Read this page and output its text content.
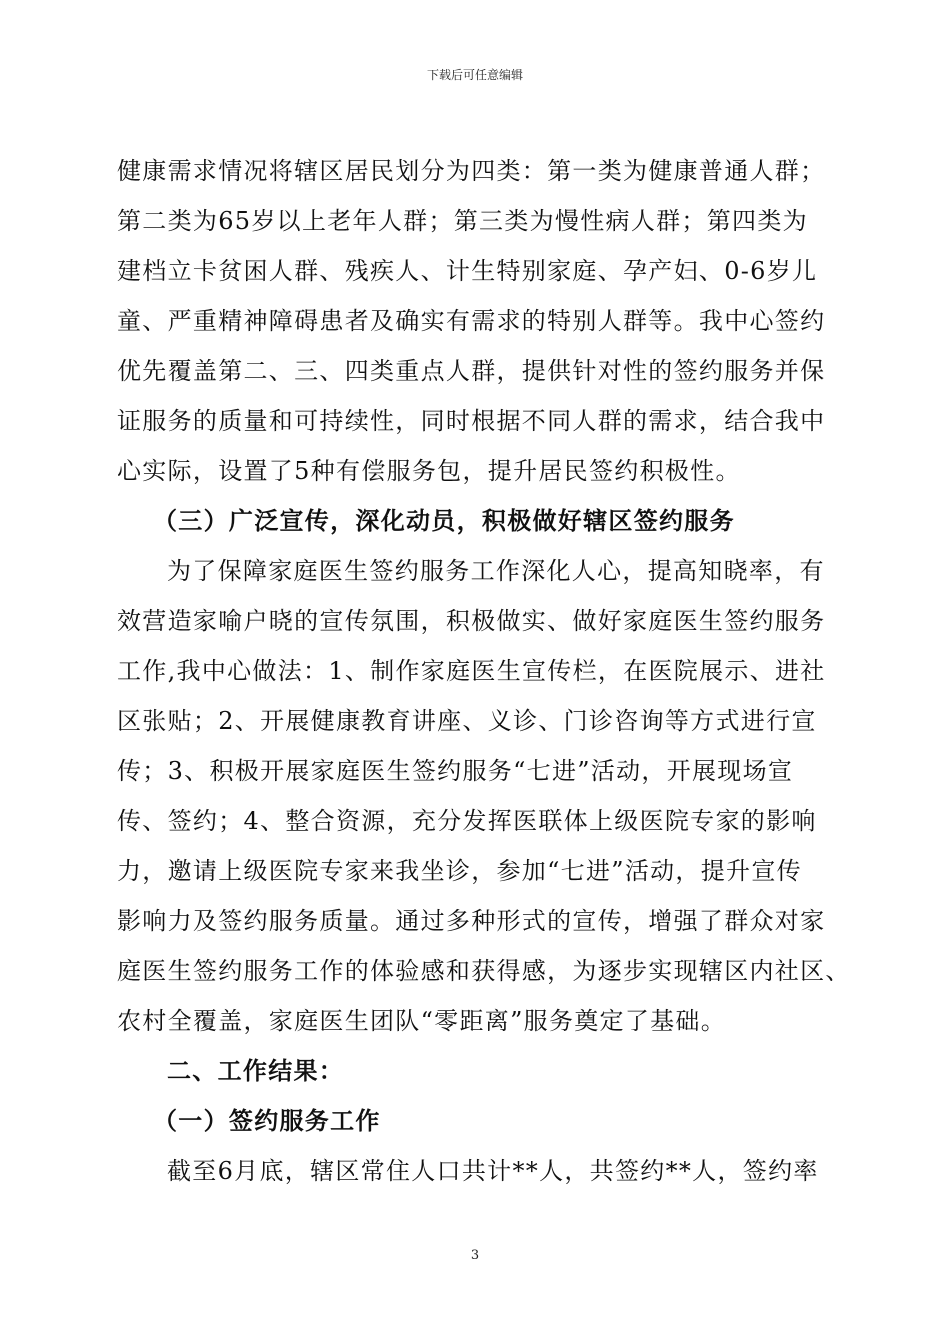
下载后可任意编辑
健康需求情况将辖区居民划分为四类：第一类为健康普通人群；
第二类为65岁以上老年人群；第三类为慢性病人群；第四类为
建档立卡贫困人群、残疾人、计生特别家庭、孕产妇、0-6岁儿
童、严重精神障碍患者及确实有需求的特别人群等。我中心签约
优先覆盖第二、三、四类重点人群，提供针对性的签约服务并保
证服务的质量和可持续性，同时根据不同人群的需求，结合我中
心实际，设置了5种有偿服务包，提升居民签约积极性。
（三）广泛宣传，深化动员，积极做好辖区签约服务
为了保障家庭医生签约服务工作深化人心，提高知晓率，有
效营造家喻户晓的宣传氛围，积极做实、做好家庭医生签约服务
工作,我中心做法：1、制作家庭医生宣传栏，在医院展示、进社
区张贴；2、开展健康教育讲座、义诊、门诊咨询等方式进行宣
传；3、积极开展家庭医生签约服务“七进”活动，开展现场宣
传、签约；4、整合资源，充分发挥医联体上级医院专家的影响
力，邀请上级医院专家来我坐诊，参加“七进”活动，提升宣传
影响力及签约服务质量。通过多种形式的宣传，增强了群众对家
庭医生签约服务工作的体验感和获得感，为逐步实现辖区内社区、
农村全覆盖，家庭医生团队“零距离”服务奠定了基础。
二、工作结果：
（一）签约服务工作
截至6月底，辖区常住人口共计**人，共签约**人，签约率
3
